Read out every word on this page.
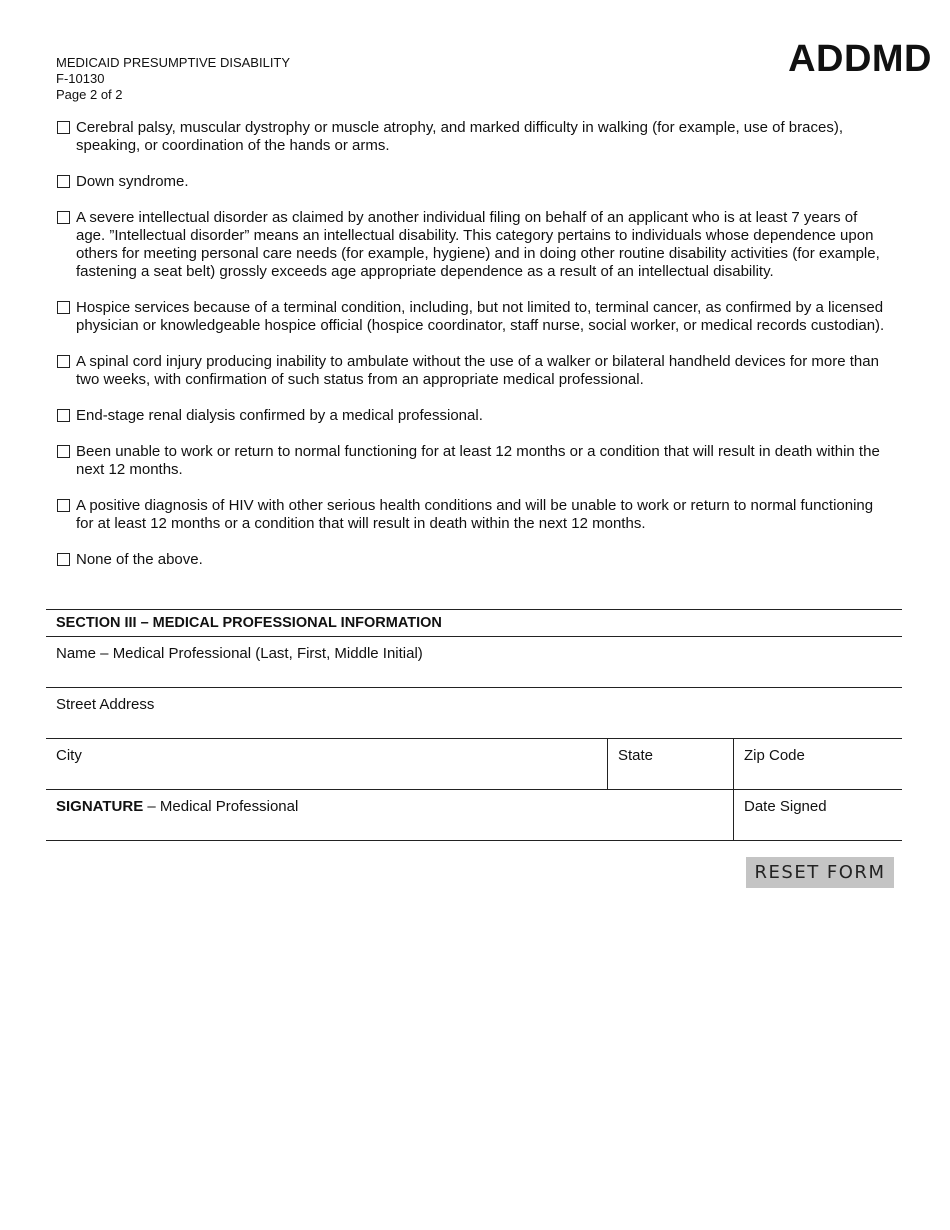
MEDICAID PRESUMPTIVE DISABILITY
F-10130
Page 2 of 2
ADDMD
Cerebral palsy, muscular dystrophy or muscle atrophy, and marked difficulty in walking (for example, use of braces), speaking, or coordination of the hands or arms.
Down syndrome.
A severe intellectual disorder as claimed by another individual filing on behalf of an applicant who is at least 7 years of age. ”Intellectual disorder” means an intellectual disability. This category pertains to individuals whose dependence upon others for meeting personal care needs (for example, hygiene) and in doing other routine disability activities (for example, fastening a seat belt) grossly exceeds age appropriate dependence as a result of an intellectual disability.
Hospice services because of a terminal condition, including, but not limited to, terminal cancer, as confirmed by a licensed physician or knowledgeable hospice official (hospice coordinator, staff nurse, social worker, or medical records custodian).
A spinal cord injury producing inability to ambulate without the use of a walker or bilateral handheld devices for more than two weeks, with confirmation of such status from an appropriate medical professional.
End-stage renal dialysis confirmed by a medical professional.
Been unable to work or return to normal functioning for at least 12 months or a condition that will result in death within the next 12 months.
A positive diagnosis of HIV with other serious health conditions and will be unable to work or return to normal functioning for at least 12 months or a condition that will result in death within the next 12 months.
None of the above.
SECTION III – MEDICAL PROFESSIONAL INFORMATION
Name – Medical Professional (Last, First, Middle Initial)
Street Address
City	State	Zip Code
SIGNATURE – Medical Professional	Date Signed
RESET FORM
